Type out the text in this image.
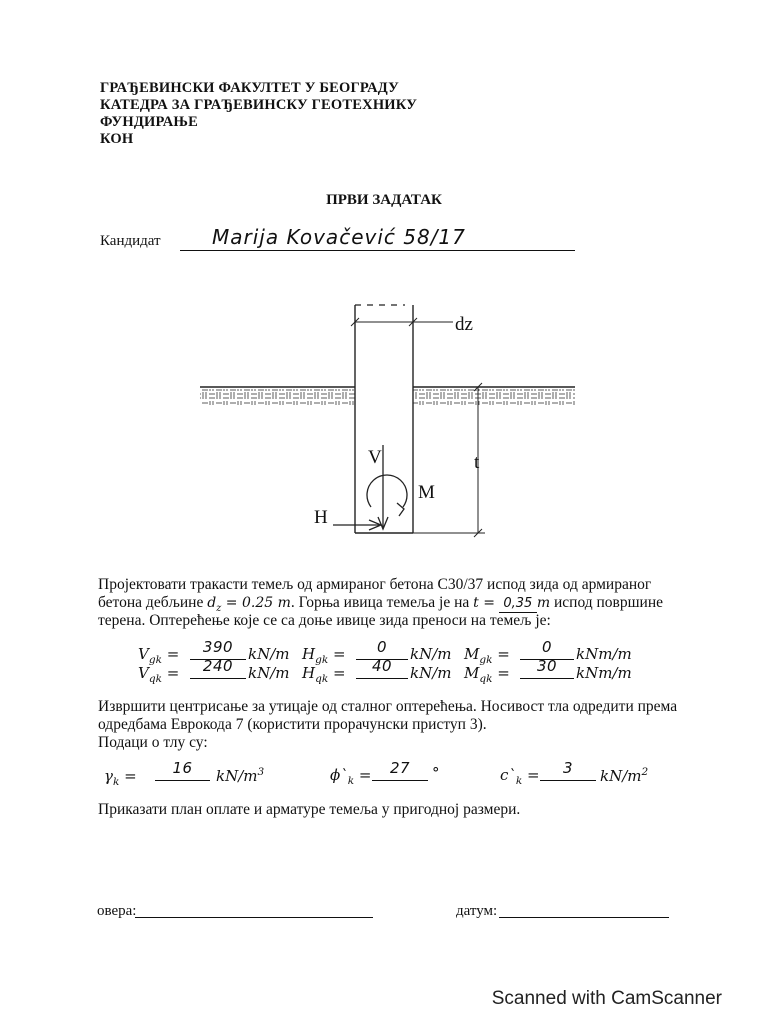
ГРАЂЕВИНСКИ ФАКУЛТЕТ У БЕОГРАДУ
КАТЕДРА ЗА ГРАЂЕВИНСКУ ГЕОТЕХНИКУ
ФУНДИРАЊЕ
КОН
ПРВИ ЗАДАТАК
Кандидат	Marija Kovačević 58/17
dz
V	t
M
H
Пројектовати тракасти темељ од армираног бетона C30/37 испод зида од армираног
бетона дебљине $d_z = 0.25$ m. Горња ивица темеља је на t = 0,35 m испод површине
терена. Оптерећење које се са доње ивице зида преноси на темељ је:
$V_{gk}$ =	390 kN/m $H_{gk}$ =	0	kN/m $M_{gk}$ =	0	kNm/m
$V_{qk}$ =	240 kN/m $H_{qk}$ =	40	kN/m $M_{qk}$ =	30	kNm/m
Извршити центрисање за утицаје од сталног оптерећења. Носивост тла одредити према
одредбама Еврокода 7 (користити прорачунски приступ 3).
Подаци о тлу су:
$\gamma_k$ =	16	$kN/m^3$	$\phi`_k$ =	27	°	$c`_k$ =	3	$kN/m^2$
Приказати план оплате и арматуре темеља у пригодној размери.
овера:	датум:
Scanned with CamScanner
